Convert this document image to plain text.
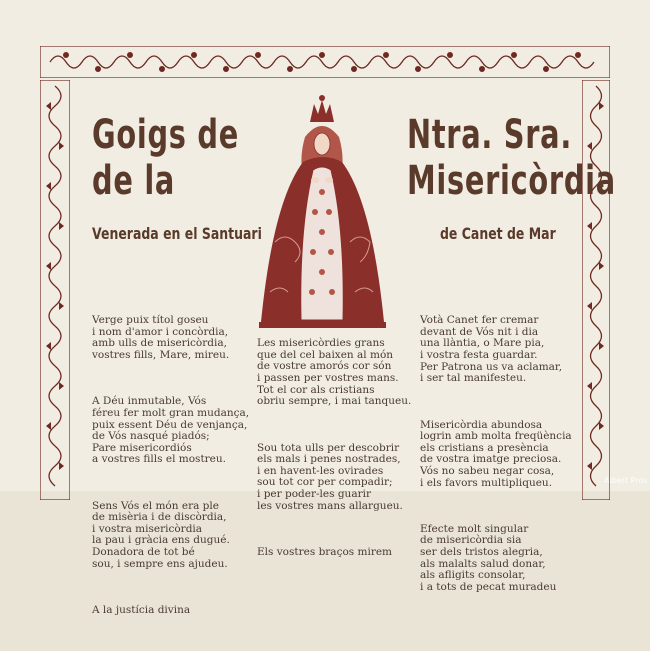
Goigs de
de la
Ntra. Sra.
Misericòrdia
Venerada en el Santuari	de Canet de Mar

Verge puix títol goseu
i nom d'amor i concòrdia,
amb ulls de misericòrdia,
vostres fills, Mare, mireu.

A Déu inmutable, Vós
féreu fer molt gran mudança,
puix essent Déu de venjança,
de Vós nasqué piadós;
Pare misericordiós
a vostres fills el mostreu.

Sens Vós el món era ple
de misèria i de discòrdia,
i vostra misericòrdia
la pau i gràcia ens dugué.
Donadora de tot bé
sou, i sempre ens ajudeu.

A la justícia divina

Les misericòrdies grans
que del cel baixen al món
de vostre amorós cor són
i passen per vostres mans.
Tot el cor als cristians
obriu sempre, i mai tanqueu.

Sou tota ulls per descobrir
els mals i penes nostrades,
i en havent-les ovirades
sou tot cor per compadir;
i per poder-les guarir
les vostres mans allargueu.

Els vostres braços mirem

Votà Canet fer cremar
devant de Vós nit i dia
una llàntia, o Mare pia,
i vostra festa guardar.
Per Patrona us va aclamar,
i ser tal manifesteu.

Misericòrdia abundosa
logrin amb molta freqüència
els cristians a presència
de vostra imatge preciosa.
Vós no sabeu negar cosa,
i els favors multipliqueu.

Efecte molt singular
de misericòrdia sia
ser dels tristos alegria,
als malalts salud donar,
als afligits consolar,
i a tots de pecat muradeu

Albert Pros
